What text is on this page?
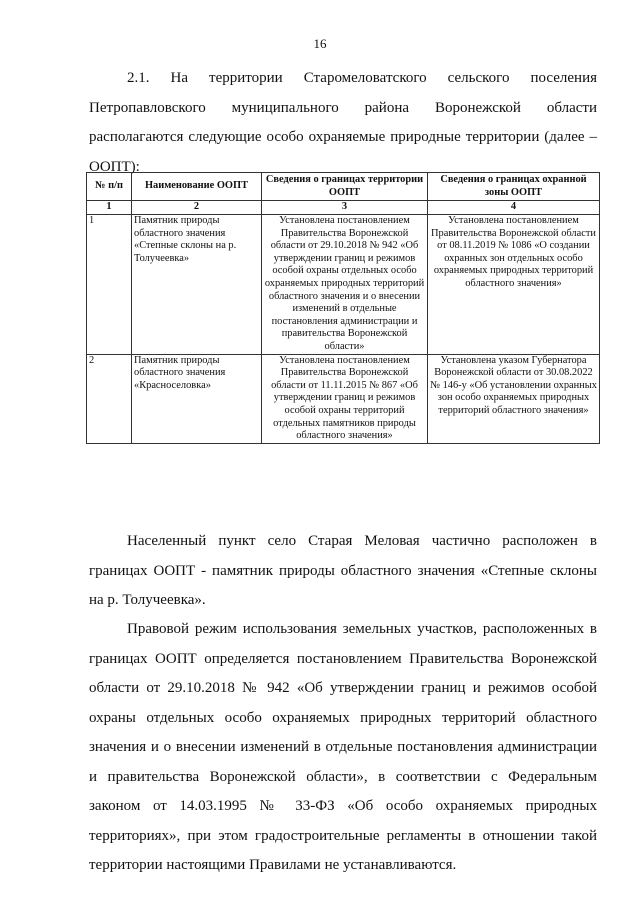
16

2.1. На территории Старомеловатского сельского поселения Петропавловского муниципального района Воронежской области располагаются следующие особо охраняемые природные территории (далее – ООПТ):

№ п/п	Наименование ООПТ	Сведения о границах территории ООПТ	Сведения о границах охранной зоны ООПТ
1	2	3	4
1	Памятник природы областного значения «Степные склоны на р. Толучеевка»	Установлена постановлением Правительства Воронежской области от 29.10.2018 № 942 «Об утверждении границ и режимов особой охраны отдельных особо охраняемых природных территорий областного значения и о внесении изменений в отдельные постановления администрации и правительства Воронежской области»	Установлена постановлением Правительства Воронежской области от 08.11.2019 № 1086 «О создании охранных зон отдельных особо охраняемых природных территорий областного значения»
2	Памятник природы областного значения «Красноселовка»	Установлена постановлением Правительства Воронежской области от 11.11.2015 № 867 «Об утверждении границ и режимов особой охраны территорий отдельных памятников природы областного значения»	Установлена указом Губернатора Воронежской области от 30.08.2022 № 146-у «Об установлении охранных зон особо охраняемых природных территорий областного значения»

Населенный пункт село Старая Меловая частично расположен в границах ООПТ - памятник природы областного значения «Степные склоны на р. Толучеевка».

Правовой режим использования земельных участков, расположенных в границах ООПТ определяется постановлением Правительства Воронежской области от 29.10.2018 № 942 «Об утверждении границ и режимов особой охраны отдельных особо охраняемых природных территорий областного значения и о внесении изменений в отдельные постановления администрации и правительства Воронежской области», в соответствии с Федеральным законом от 14.03.1995 № 33-ФЗ «Об особо охраняемых природных территориях», при этом градостроительные регламенты в отношении такой территории настоящими Правилами не устанавливаются.
